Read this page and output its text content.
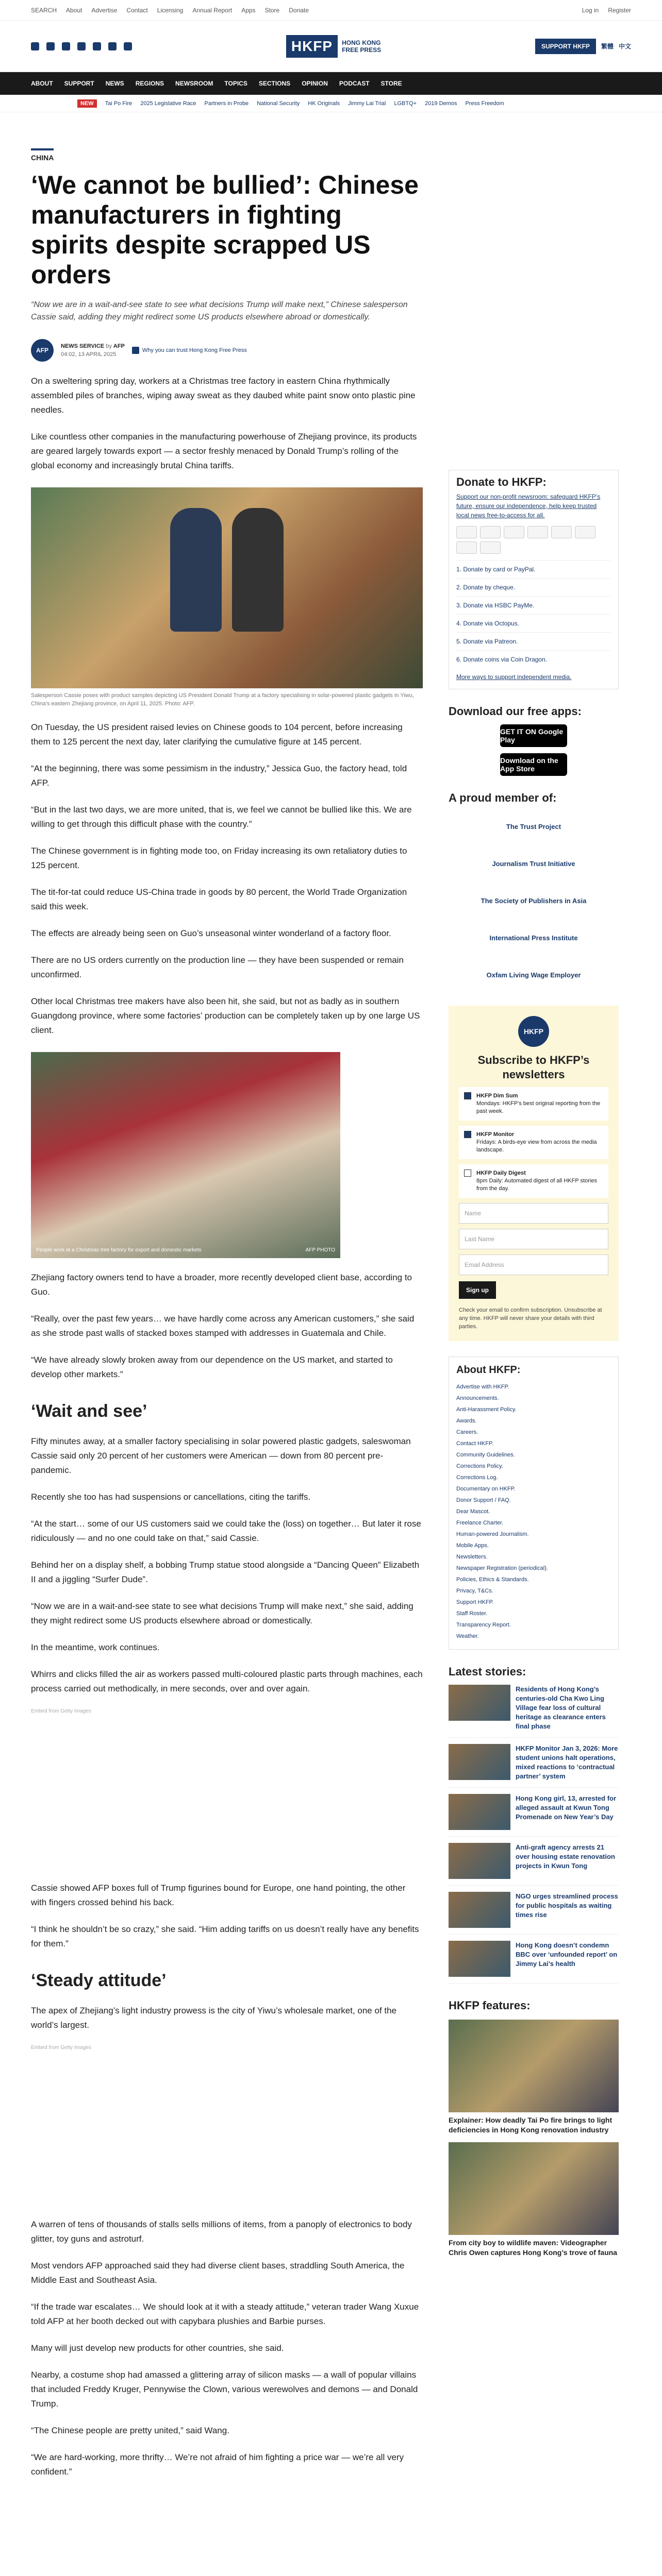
SEARCH About Advertise Contact Licensing Annual Report Apps Store Donate	Log in Register
HKFP	HONG KONG
FREE PRESS	SUPPORT HKFP	繁體 中文
ABOUT SUPPORT NEWS REGIONS NEWSROOM TOPICS SECTIONS OPINION PODCAST STORE
NEW	Tai Po Fire 2025 Legislative Race Partners in Probe National Security HK Originals Jimmy Lai Trial LGBTQ+ 2019 Demos Press Freedom
CHINA
‘We cannot be bullied’: Chinese manufacturers in fighting spirits despite scrapped US orders
“Now we are in a wait-and-see state to see what decisions Trump will make next,” Chinese salesperson Cassie said, adding they might redirect some US products elsewhere abroad or domestically.
AFP
NEWS SERVICE by AFP
04:02, 13 APRIL 2025
Why you can trust Hong Kong Free Press

On a sweltering spring day, workers at a Christmas tree factory in eastern China rhythmically assembled piles of branches, wiping away sweat as they daubed white paint snow onto plastic pine needles.

Like countless other companies in the manufacturing powerhouse of Zhejiang province, its products are geared largely towards export — a sector freshly menaced by Donald Trump’s rolling of the global economy and increasingly brutal China tariffs.

Salesperson Cassie poses with product samples depicting US President Donald Trump at a factory specialising in solar-powered plastic gadgets in Yiwu, China’s eastern Zhejiang province, on April 11, 2025. Photo: AFP.

On Tuesday, the US president raised levies on Chinese goods to 104 percent, before increasing them to 125 percent the next day, later clarifying the cumulative figure at 145 percent.

“At the beginning, there was some pessimism in the industry,” Jessica Guo, the factory head, told AFP.

“But in the last two days, we are more united, that is, we feel we cannot be bullied like this. We are willing to get through this difficult phase with the country.”

The Chinese government is in fighting mode too, on Friday increasing its own retaliatory duties to 125 percent.

The tit-for-tat could reduce US-China trade in goods by 80 percent, the World Trade Organization said this week.

The effects are already being seen on Guo’s unseasonal winter wonderland of a factory floor.

There are no US orders currently on the production line — they have been suspended or remain unconfirmed.

Other local Christmas tree makers have also been hit, she said, but not as badly as in southern Guangdong province, where some factories’ production can be completely taken up by one large US client.

People work at a Christmas tree factory for export and domestic markets	AFP PHOTO

Zhejiang factory owners tend to have a broader, more recently developed client base, according to Guo.

“Really, over the past few years… we have hardly come across any American customers,” she said as she strode past walls of stacked boxes stamped with addresses in Guatemala and Chile.

“We have already slowly broken away from our dependence on the US market, and started to develop other markets.”

‘Wait and see’

Fifty minutes away, at a smaller factory specialising in solar powered plastic gadgets, saleswoman Cassie said only 20 percent of her customers were American — down from 80 percent pre-pandemic.

Recently she too has had suspensions or cancellations, citing the tariffs.

“At the start… some of our US customers said we could take the (loss) on together… But later it rose ridiculously — and no one could take on that,” said Cassie.

Behind her on a display shelf, a bobbing Trump statue stood alongside a “Dancing Queen” Elizabeth II and a jiggling “Surfer Dude”.

“Now we are in a wait-and-see state to see what decisions Trump will make next,” she said, adding they might redirect some US products elsewhere abroad or domestically.

In the meantime, work continues.

Whirrs and clicks filled the air as workers passed multi-coloured plastic parts through machines, each process carried out methodically, in mere seconds, over and over again.

Embed from Getty Images

Cassie showed AFP boxes full of Trump figurines bound for Europe, one hand pointing, the other with fingers crossed behind his back.

“I think he shouldn’t be so crazy,” she said. “Him adding tariffs on us doesn’t really have any benefits for them.”

‘Steady attitude’

The apex of Zhejiang’s light industry prowess is the city of Yiwu’s wholesale market, one of the world’s largest.

Embed from Getty Images

A warren of tens of thousands of stalls sells millions of items, from a panoply of electronics to body glitter, toy guns and astroturf.

Most vendors AFP approached said they had diverse client bases, straddling South America, the Middle East and Southeast Asia.

“If the trade war escalates… We should look at it with a steady attitude,” veteran trader Wang Xuxue told AFP at her booth decked out with capybara plushies and Barbie purses.

Many will just develop new products for other countries, she said.

Nearby, a costume shop had amassed a glittering array of silicon masks — a wall of popular villains that included Freddy Kruger, Pennywise the Clown, various werewolves and demons — and Donald Trump.

“The Chinese people are pretty united,” said Wang.

“We are hard-working, more thrifty… We’re not afraid of him fighting a price war — we’re all very confident.”

Donate to HKFP:

Support our non-profit newsroom: safeguard HKFP’s future, ensure our independence, help keep trusted local news free-to-access for all.

1. Donate by card or PayPal.
2. Donate by cheque.
3. Donate via HSBC PayMe.
4. Donate via Octopus.
5. Donate via Patreon.
6. Donate coins via Coin Dragon.
More ways to support independent media.
Download our free apps:
GET IT ON Google Play
Download on the App Store
A proud member of:
The Trust Project
Journalism Trust Initiative
The Society of Publishers in Asia
International Press Institute
Oxfam Living Wage Employer
HKFP
Subscribe to HKFP’s newsletters
HKFP Dim Sum
Mondays: HKFP’s best original reporting from the past week.
HKFP Monitor
Fridays: A birds-eye view from across the media landscape.
HKFP Daily Digest
8pm Daily: Automated digest of all HKFP stories from the day.
Name
Last Name
Email Address
Sign up
Check your email to confirm subscription. Unsubscribe at any time. HKFP will never share your details with third parties.
About HKFP:
Advertise with HKFP.
Announcements.
Anti-Harassment Policy.
Awards.
Careers.
Contact HKFP.
Community Guidelines.
Corrections Policy.
Corrections Log.
Documentary on HKFP.
Donor Support / FAQ.
Dear Mascot.
Freelance Charter.
Human-powered Journalism.
Mobile Apps.
Newsletters.
Newspaper Registration (periodical).
Policies, Ethics & Standards.
Privacy, T&Cs.
Support HKFP.
Staff Roster.
Transparency Report.
Weather.
Latest stories:
Residents of Hong Kong’s centuries-old Cha Kwo Ling Village fear loss of cultural heritage as clearance enters final phase
HKFP Monitor Jan 3, 2026: More student unions halt operations, mixed reactions to ‘contractual partner’ system
Hong Kong girl, 13, arrested for alleged assault at Kwun Tong Promenade on New Year’s Day
Anti-graft agency arrests 21 over housing estate renovation projects in Kwun Tong
NGO urges streamlined process for public hospitals as waiting times rise
Hong Kong doesn’t condemn BBC over ‘unfounded report’ on Jimmy Lai’s health
HKFP features:
Explainer: How deadly Tai Po fire brings to light deficiencies in Hong Kong renovation industry
From city boy to wildlife maven: Videographer Chris Owen captures Hong Kong’s trove of fauna
